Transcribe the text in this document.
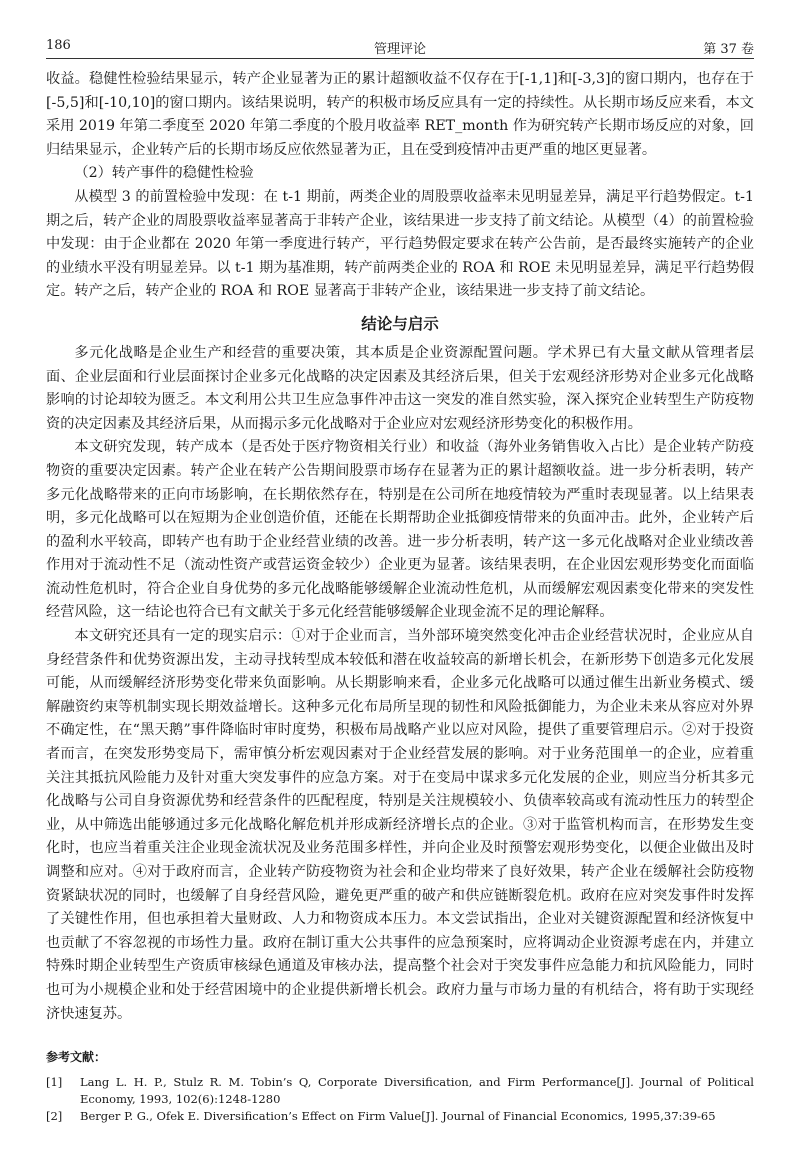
186	管理评论	第 37 卷

收益。稳健性检验结果显示，转产企业显著为正的累计超额收益不仅存在于[-1,1]和[-3,3]的窗口期内，也存在于[-5,5]和[-10,10]的窗口期内。该结果说明，转产的积极市场反应具有一定的持续性。从长期市场反应来看，本文采用 2019 年第二季度至 2020 年第二季度的个股月收益率 RET_month 作为研究转产长期市场反应的对象，回归结果显示，企业转产后的长期市场反应依然显著为正，且在受到疫情冲击更严重的地区更显著。

（2）转产事件的稳健性检验

从模型 3 的前置检验中发现：在 t-1 期前，两类企业的周股票收益率未见明显差异，满足平行趋势假定。t-1 期之后，转产企业的周股票收益率显著高于非转产企业，该结果进一步支持了前文结论。从模型（4）的前置检验中发现：由于企业都在 2020 年第一季度进行转产，平行趋势假定要求在转产公告前，是否最终实施转产的企业的业绩水平没有明显差异。以 t-1 期为基准期，转产前两类企业的 ROA 和 ROE 未见明显差异，满足平行趋势假定。转产之后，转产企业的 ROA 和 ROE 显著高于非转产企业，该结果进一步支持了前文结论。

结论与启示

多元化战略是企业生产和经营的重要决策，其本质是企业资源配置问题。学术界已有大量文献从管理者层面、企业层面和行业层面探讨企业多元化战略的决定因素及其经济后果，但关于宏观经济形势对企业多元化战略影响的讨论却较为匮乏。本文利用公共卫生应急事件冲击这一突发的准自然实验，深入探究企业转型生产防疫物资的决定因素及其经济后果，从而揭示多元化战略对于企业应对宏观经济形势变化的积极作用。

本文研究发现，转产成本（是否处于医疗物资相关行业）和收益（海外业务销售收入占比）是企业转产防疫物资的重要决定因素。转产企业在转产公告期间股票市场存在显著为正的累计超额收益。进一步分析表明，转产多元化战略带来的正向市场影响，在长期依然存在，特别是在公司所在地疫情较为严重时表现显著。以上结果表明，多元化战略可以在短期为企业创造价值，还能在长期帮助企业抵御疫情带来的负面冲击。此外，企业转产后的盈利水平较高，即转产也有助于企业经营业绩的改善。进一步分析表明，转产这一多元化战略对企业业绩改善作用对于流动性不足（流动性资产或营运资金较少）企业更为显著。该结果表明，在企业因宏观形势变化而面临流动性危机时，符合企业自身优势的多元化战略能够缓解企业流动性危机，从而缓解宏观因素变化带来的突发性经营风险，这一结论也符合已有文献关于多元化经营能够缓解企业现金流不足的理论解释。

本文研究还具有一定的现实启示：①对于企业而言，当外部环境突然变化冲击企业经营状况时，企业应从自身经营条件和优势资源出发，主动寻找转型成本较低和潜在收益较高的新增长机会，在新形势下创造多元化发展可能，从而缓解经济形势变化带来负面影响。从长期影响来看，企业多元化战略可以通过催生出新业务模式、缓解融资约束等机制实现长期效益增长。这种多元化布局所呈现的韧性和风险抵御能力，为企业未来从容应对外界不确定性，在“黑天鹅”事件降临时审时度势，积极布局战略产业以应对风险，提供了重要管理启示。②对于投资者而言，在突发形势变局下，需审慎分析宏观因素对于企业经营发展的影响。对于业务范围单一的企业，应着重关注其抵抗风险能力及针对重大突发事件的应急方案。对于在变局中谋求多元化发展的企业，则应当分析其多元化战略与公司自身资源优势和经营条件的匹配程度，特别是关注规模较小、负债率较高或有流动性压力的转型企业，从中筛选出能够通过多元化战略化解危机并形成新经济增长点的企业。③对于监管机构而言，在形势发生变化时，也应当着重关注企业现金流状况及业务范围多样性，并向企业及时预警宏观形势变化，以便企业做出及时调整和应对。④对于政府而言，企业转产防疫物资为社会和企业均带来了良好效果，转产企业在缓解社会防疫物资紧缺状况的同时，也缓解了自身经营风险，避免更严重的破产和供应链断裂危机。政府在应对突发事件时发挥了关键性作用，但也承担着大量财政、人力和物资成本压力。本文尝试指出，企业对关键资源配置和经济恢复中也贡献了不容忽视的市场性力量。政府在制订重大公共事件的应急预案时，应将调动企业资源考虑在内，并建立特殊时期企业转型生产资质审核绿色通道及审核办法，提高整个社会对于突发事件应急能力和抗风险能力，同时也可为小规模企业和处于经营困境中的企业提供新增长机会。政府力量与市场力量的有机结合，将有助于实现经济快速复苏。

参考文献：
[1]	Lang L. H. P., Stulz R. M. Tobin’s Q, Corporate Diversification, and Firm Performance[J]. Journal of Political Economy, 1993, 102(6):1248-1280
[2]	Berger P. G., Ofek E. Diversification’s Effect on Firm Value[J]. Journal of Financial Economics, 1995,37:39-65
